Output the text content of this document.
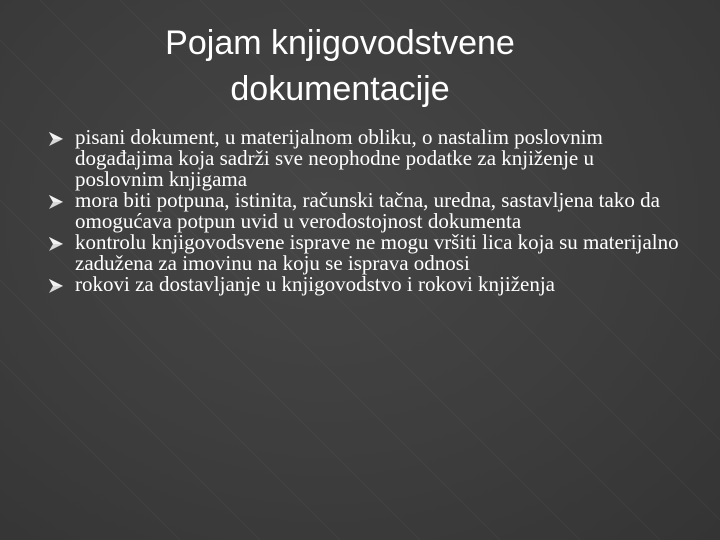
Pojam knjigovodstvene
dokumentacije
pisani dokument, u materijalnom obliku, o nastalim poslovnim događajima koja sadrži sve neophodne podatke za knjiženje u poslovnim knjigama
mora biti potpuna, istinita, računski tačna, uredna, sastavljena tako da omogućava potpun uvid u verodostojnost dokumenta
kontrolu knjigovodsvene isprave ne mogu vršiti lica koja su materijalno zadužena za imovinu na koju se isprava odnosi
rokovi za dostavljanje u knjigovodstvo i rokovi knjiženja
